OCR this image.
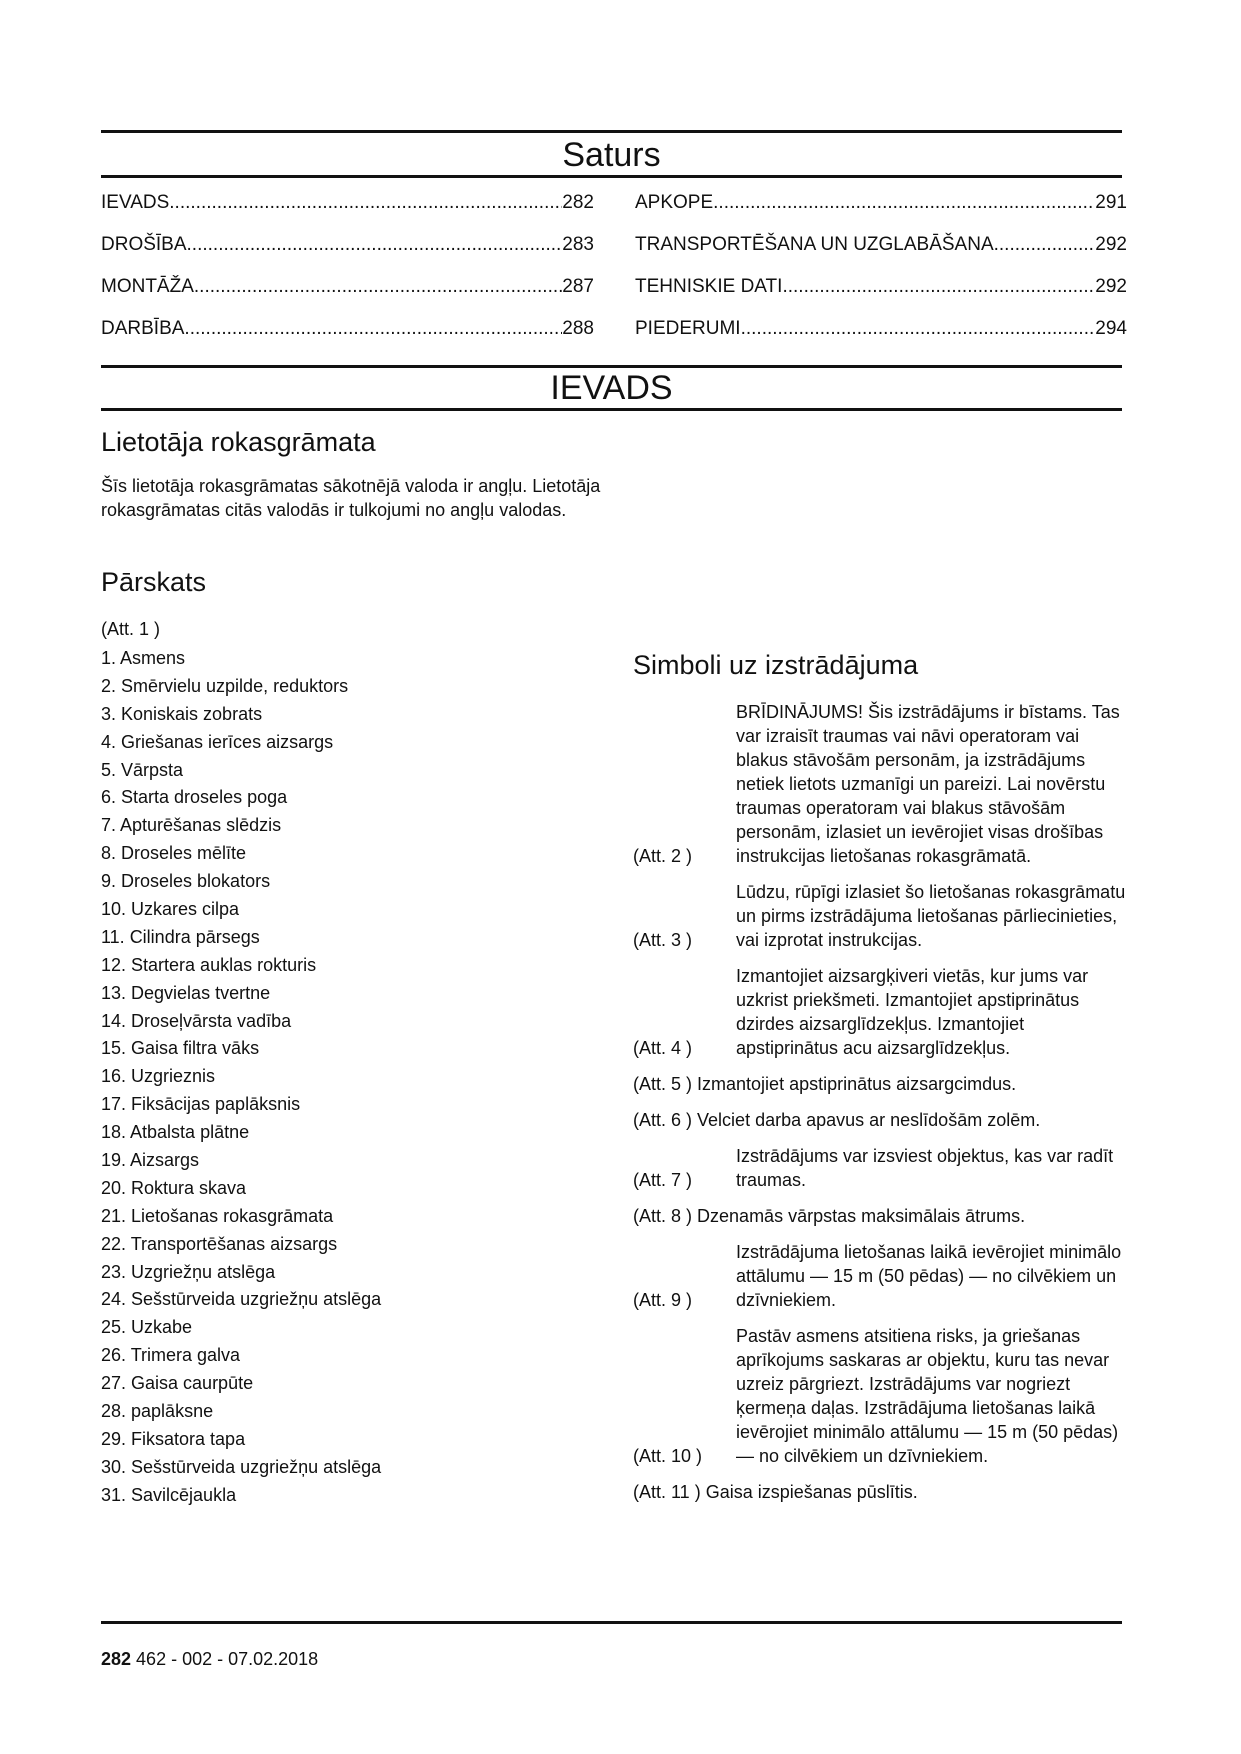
Saturs
IEVADS .....	282
DROŠĪBA .....	283
MONTĀŽA .....	287
DARBĪBA .....	288
APKOPE .....	291
TRANSPORTĒŠANA UN UZGLABĀŠANA .....	292
TEHNISKIE DATI .....	292
PIEDERUMI .....	294
IEVADS
Lietotāja rokasgrāmata

Šīs lietotāja rokasgrāmatas sākotnējā valoda ir angļu. Lietotāja rokasgrāmatas citās valodās ir tulkojumi no angļu valodas.

Pārskats
(Att. 1 )
1. Asmens
2. Smērvielu uzpilde, reduktors
3. Koniskais zobrats
4. Griešanas ierīces aizsargs
5. Vārpsta
6. Starta droseles poga
7. Apturēšanas slēdzis
8. Droseles mēlīte
9. Droseles blokators
10. Uzkares cilpa
11. Cilindra pārsegs
12. Startera auklas rokturis
13. Degvielas tvertne
14. Droseļvārsta vadība
15. Gaisa filtra vāks
16. Uzgrieznis
17. Fiksācijas paplāksnis
18. Atbalsta plātne
19. Aizsargs
20. Roktura skava
21. Lietošanas rokasgrāmata
22. Transportēšanas aizsargs
23. Uzgriežņu atslēga
24. Sešstūrveida uzgriežņu atslēga
25. Uzkabe
26. Trimera galva
27. Gaisa caurpūte
28. paplāksne
29. Fiksatora tapa
30. Sešstūrveida uzgriežņu atslēga
31. Savilcējaukla
Simboli uz izstrādājuma
(Att. 2 )
BRĪDINĀJUMS! Šis izstrādājums ir bīstams. Tas var izraisīt traumas vai nāvi operatoram vai blakus stāvošām personām, ja izstrādājums netiek lietots uzmanīgi un pareizi. Lai novērstu traumas operatoram vai blakus stāvošām personām, izlasiet un ievērojiet visas drošības instrukcijas lietošanas rokasgrāmatā.
(Att. 3 )
Lūdzu, rūpīgi izlasiet šo lietošanas rokasgrāmatu un pirms izstrādājuma lietošanas pārliecinieties, vai izprotat instrukcijas.
(Att. 4 )
Izmantojiet aizsargķiveri vietās, kur jums var uzkrist priekšmeti. Izmantojiet apstiprinātus dzirdes aizsarglīdzekļus. Izmantojiet apstiprinātus acu aizsarglīdzekļus.
(Att. 5 ) Izmantojiet apstiprinātus aizsargcimdus.
(Att. 6 ) Velciet darba apavus ar neslīdošām zolēm.
(Att. 7 )
Izstrādājums var izsviest objektus, kas var radīt traumas.
(Att. 8 ) Dzenamās vārpstas maksimālais ātrums.
(Att. 9 )
Izstrādājuma lietošanas laikā ievērojiet minimālo attālumu — 15 m (50 pēdas) — no cilvēkiem un dzīvniekiem.
(Att. 10 )
Pastāv asmens atsitiena risks, ja griešanas aprīkojums saskaras ar objektu, kuru tas nevar uzreiz pārgriezt. Izstrādājums var nogriezt ķermeņa daļas. Izstrādājuma lietošanas laikā ievērojiet minimālo attālumu — 15 m (50 pēdas) — no cilvēkiem un dzīvniekiem.
(Att. 11 ) Gaisa izspiešanas pūslītis.
282 462 - 002 - 07.02.2018
